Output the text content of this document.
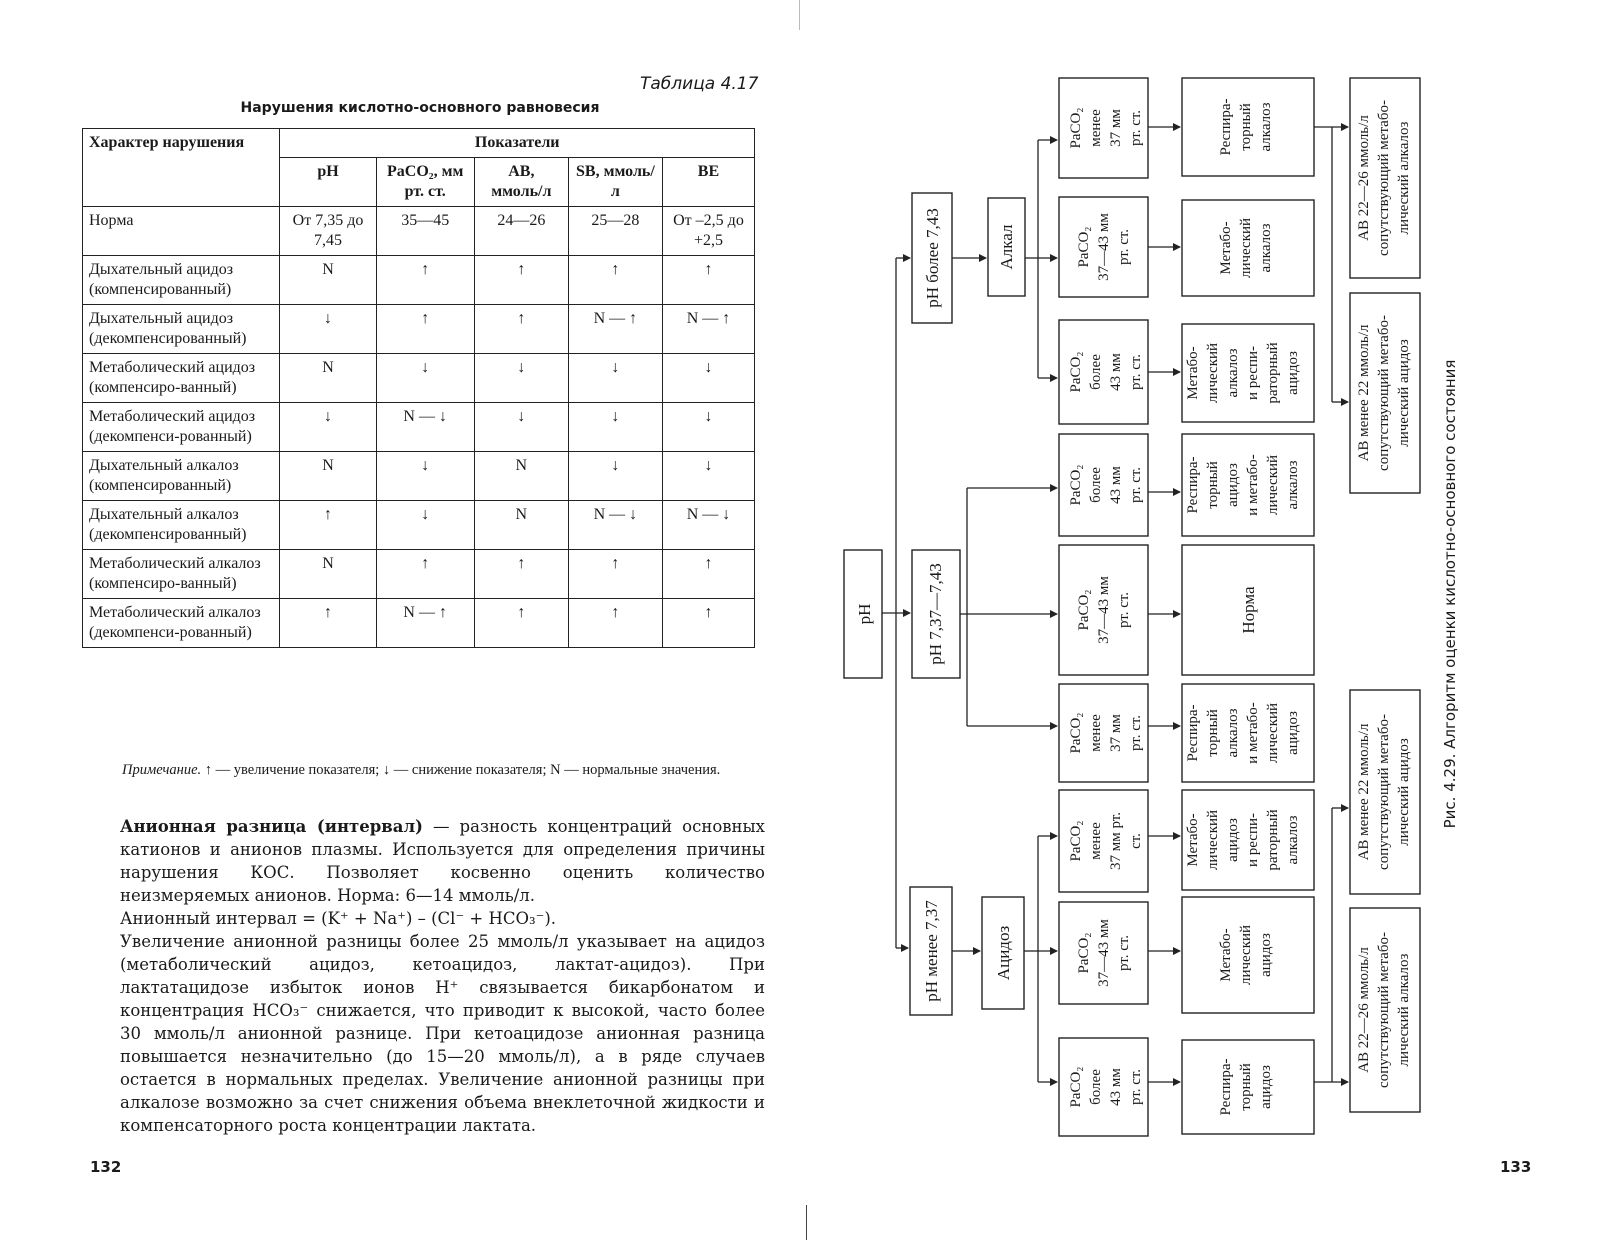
Таблица 4.17
Нарушения кислотно-основного равновесия
Характер нарушения	Показатели				
	pH	PaCO₂, мм рт. ст.	AB, ммоль/л	SB, ммоль/л	BE
Норма	От 7,35 до 7,45	35—45	24—26	25—28	От –2,5 до +2,5
Дыхательный ацидоз (компенсированный)	N	↑	↑	↑	↑
Дыхательный ацидоз (декомпенсированный)	↓	↑	↑	N — ↑	N — ↑
Метаболический ацидоз (компенсиро-ванный)	N	↓	↓	↓	↓
Метаболический ацидоз (декомпенси-рованный)	↓	N — ↓	↓	↓	↓
Дыхательный алкалоз (компенсированный)	N	↓	N	↓	↓
Дыхательный алкалоз (декомпенсированный)	↑	↓	N	N — ↓	N — ↓
Метаболический алкалоз (компенсиро-ванный)	N	↑	↑	↑	↑
Метаболический алкалоз (декомпенси-рованный)	↑	N — ↑	↑	↑	↑
Примечание. ↑ — увеличение показателя; ↓ — снижение показателя; N — нормальные значения.

Анионная разница (интервал) — разность концентраций основных катионов и анионов плазмы. Используется для определения причины нарушения КОС. Позволяет косвенно оценить количество неизмеряемых анионов. Норма: 6—14 ммоль/л.

Анионный интервал = (K⁺ + Na⁺) – (Cl⁻ + HCO₃⁻).

Увеличение анионной разницы более 25 ммоль/л указывает на ацидоз (метаболический ацидоз, кетоацидоз, лактат-ацидоз). При лактатацидозе избыток ионов H⁺ связывается бикарбонатом и концентрация HCO₃⁻ снижается, что приводит к высокой, часто более 30 ммоль/л анионной разнице. При кетоацидозе анионная разница повышается незначительно (до 15—20 ммоль/л), а в ряде случаев остается в нормальных пределах. Увеличение анионной разницы при алкалозе возможно за счет снижения объема внеклеточной жидкости и компенсаторного роста концентрации лактата.

132
pH
pH более 7,43
pH 7,37—7,43
pH менее 7,37
Алкал
Ацидоз
PaCO₂ менее 37 мм рт. ст.
PaCO₂ 37—43 мм рт. ст.
PaCO₂ более 43 мм рт. ст.
PaCO₂ более 43 мм рт. ст.
PaCO₂ 37—43 мм рт. ст.
PaCO₂ менее 37 мм рт. ст.
PaCO₂ менее 37 мм рт. ст.
PaCO₂ 37—43 мм рт. ст.
PaCO₂ более 43 мм рт. ст.
Респира- торный алкалоз
Метабо- лический алкалоз
Метабо- лический алкалоз и респи- раторный ацидоз
Респира- торный ацидоз и метабо- лический алкалоз
Норма
Респира- торный алкалоз и метабо- лический ацидоз
Метабо- лический ацидоз и респи- раторный алкалоз
Метабо- лический ацидоз
Респира- торный ацидоз
AB 22—26 ммоль/л сопутствующий метабо- лический алкалоз
AB менее 22 ммоль/л сопутствующий метабо- лический ацидоз
AB менее 22 ммоль/л сопутствующий метабо- лический ацидоз
AB 22—26 ммоль/л сопутствующий метабо- лический алкалоз
Рис. 4.29. Алгоритм оценки кислотно-основного состояния
133
